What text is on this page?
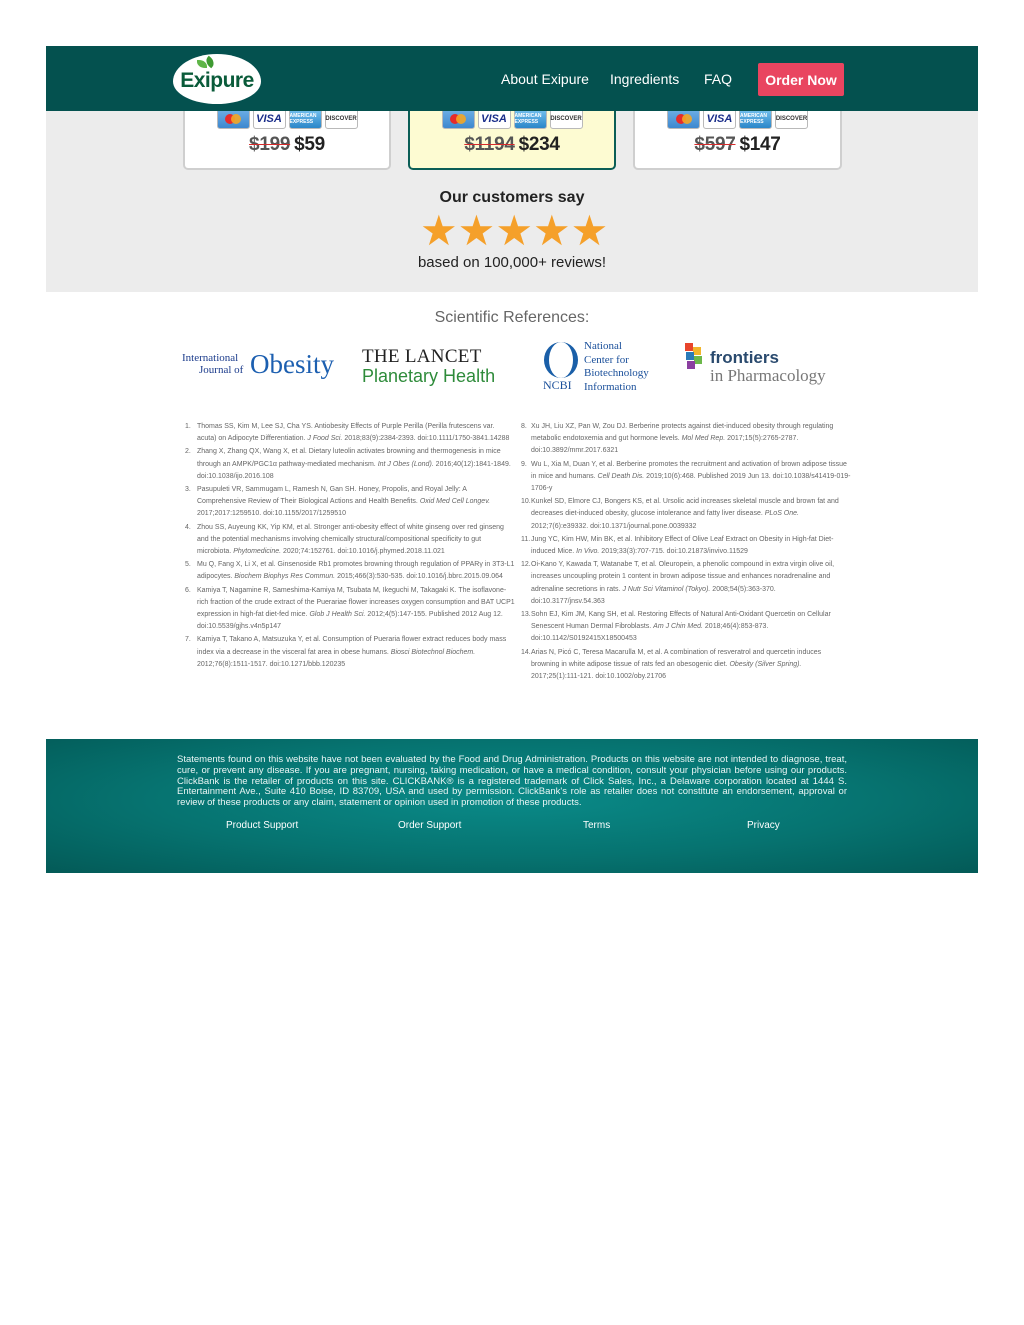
VISA	AMERICAN EXPRESS	DISCOVER
$199 $59
VISA	AMERICAN EXPRESS	DISCOVER
$1194 $234
VISA	AMERICAN EXPRESS	DISCOVER
$597 $147
Exipure	About Exipure Ingredients FAQ	Order Now
Our customers say
★ ★ ★ ★ ★
based on 100,000+ reviews!
Scientific References:
International
Journal of Obesity THE LANCET
Planetary Health	NCBI
National
Center for
Biotechnology
Information
frontiers
in Pharmacology
1. Thomas SS, Kim M, Lee SJ, Cha YS. Antiobesity Effects of Purple Perilla (Perilla frutescens var. acuta) on Adipocyte Differentiation. J Food Sci. 2018;83(9):2384-2393. doi:10.1111/1750-3841.14288
2. Zhang X, Zhang QX, Wang X, et al. Dietary luteolin activates browning and thermogenesis in mice through an AMPK/PGC1α pathway-mediated mechanism. Int J Obes (Lond). 2016;40(12):1841-1849. doi:10.1038/ijo.2016.108
3. Pasupuleti VR, Sammugam L, Ramesh N, Gan SH. Honey, Propolis, and Royal Jelly: A Comprehensive Review of Their Biological Actions and Health Benefits. Oxid Med Cell Longev. 2017;2017:1259510. doi:10.1155/2017/1259510
4. Zhou SS, Auyeung KK, Yip KM, et al. Stronger anti-obesity effect of white ginseng over red ginseng and the potential mechanisms involving chemically structural/compositional specificity to gut microbiota. Phytomedicine. 2020;74:152761. doi:10.1016/j.phymed.2018.11.021
5. Mu Q, Fang X, Li X, et al. Ginsenoside Rb1 promotes browning through regulation of PPARγ in 3T3-L1 adipocytes. Biochem Biophys Res Commun. 2015;466(3):530-535. doi:10.1016/j.bbrc.2015.09.064
6. Kamiya T, Nagamine R, Sameshima-Kamiya M, Tsubata M, Ikeguchi M, Takagaki K. The isoflavone-rich fraction of the crude extract of the Puerariae flower increases oxygen consumption and BAT UCP1 expression in high-fat diet-fed mice. Glob J Health Sci. 2012;4(5):147-155. Published 2012 Aug 12. doi:10.5539/gjhs.v4n5p147
7. Kamiya T, Takano A, Matsuzuka Y, et al. Consumption of Pueraria flower extract reduces body mass index via a decrease in the visceral fat area in obese humans. Biosci Biotechnol Biochem. 2012;76(8):1511-1517. doi:10.1271/bbb.120235
8. Xu JH, Liu XZ, Pan W, Zou DJ. Berberine protects against diet-induced obesity through regulating metabolic endotoxemia and gut hormone levels. Mol Med Rep. 2017;15(5):2765-2787. doi:10.3892/mmr.2017.6321
9. Wu L, Xia M, Duan Y, et al. Berberine promotes the recruitment and activation of brown adipose tissue in mice and humans. Cell Death Dis. 2019;10(6):468. Published 2019 Jun 13. doi:10.1038/s41419-019-1706-y
10. Kunkel SD, Elmore CJ, Bongers KS, et al. Ursolic acid increases skeletal muscle and brown fat and decreases diet-induced obesity, glucose intolerance and fatty liver disease. PLoS One. 2012;7(6):e39332. doi:10.1371/journal.pone.0039332
11. Jung YC, Kim HW, Min BK, et al. Inhibitory Effect of Olive Leaf Extract on Obesity in High-fat Diet-induced Mice. In Vivo. 2019;33(3):707-715. doi:10.21873/invivo.11529
12. Oi-Kano Y, Kawada T, Watanabe T, et al. Oleuropein, a phenolic compound in extra virgin olive oil, increases uncoupling protein 1 content in brown adipose tissue and enhances noradrenaline and adrenaline secretions in rats. J Nutr Sci Vitaminol (Tokyo). 2008;54(5):363-370. doi:10.3177/jnsv.54.363
13. Sohn EJ, Kim JM, Kang SH, et al. Restoring Effects of Natural Anti-Oxidant Quercetin on Cellular Senescent Human Dermal Fibroblasts. Am J Chin Med. 2018;46(4):853-873. doi:10.1142/S0192415X18500453
14. Arias N, Picó C, Teresa Macarulla M, et al. A combination of resveratrol and quercetin induces browning in white adipose tissue of rats fed an obesogenic diet. Obesity (Silver Spring). 2017;25(1):111-121. doi:10.1002/oby.21706
Statements found on this website have not been evaluated by the Food and Drug Administration. Products on this website are not intended to diagnose, treat, cure, or prevent any disease. If you are pregnant, nursing, taking medication, or have a medical condition, consult your physician before using our products. ClickBank is the retailer of products on this site. CLICKBANK® is a registered trademark of Click Sales, Inc., a Delaware corporation located at 1444 S. Entertainment Ave., Suite 410 Boise, ID 83709, USA and used by permission. ClickBank's role as retailer does not constitute an endorsement, approval or review of these products or any claim, statement or opinion used in promotion of these products.
Product Support	Order Support	Terms	Privacy
